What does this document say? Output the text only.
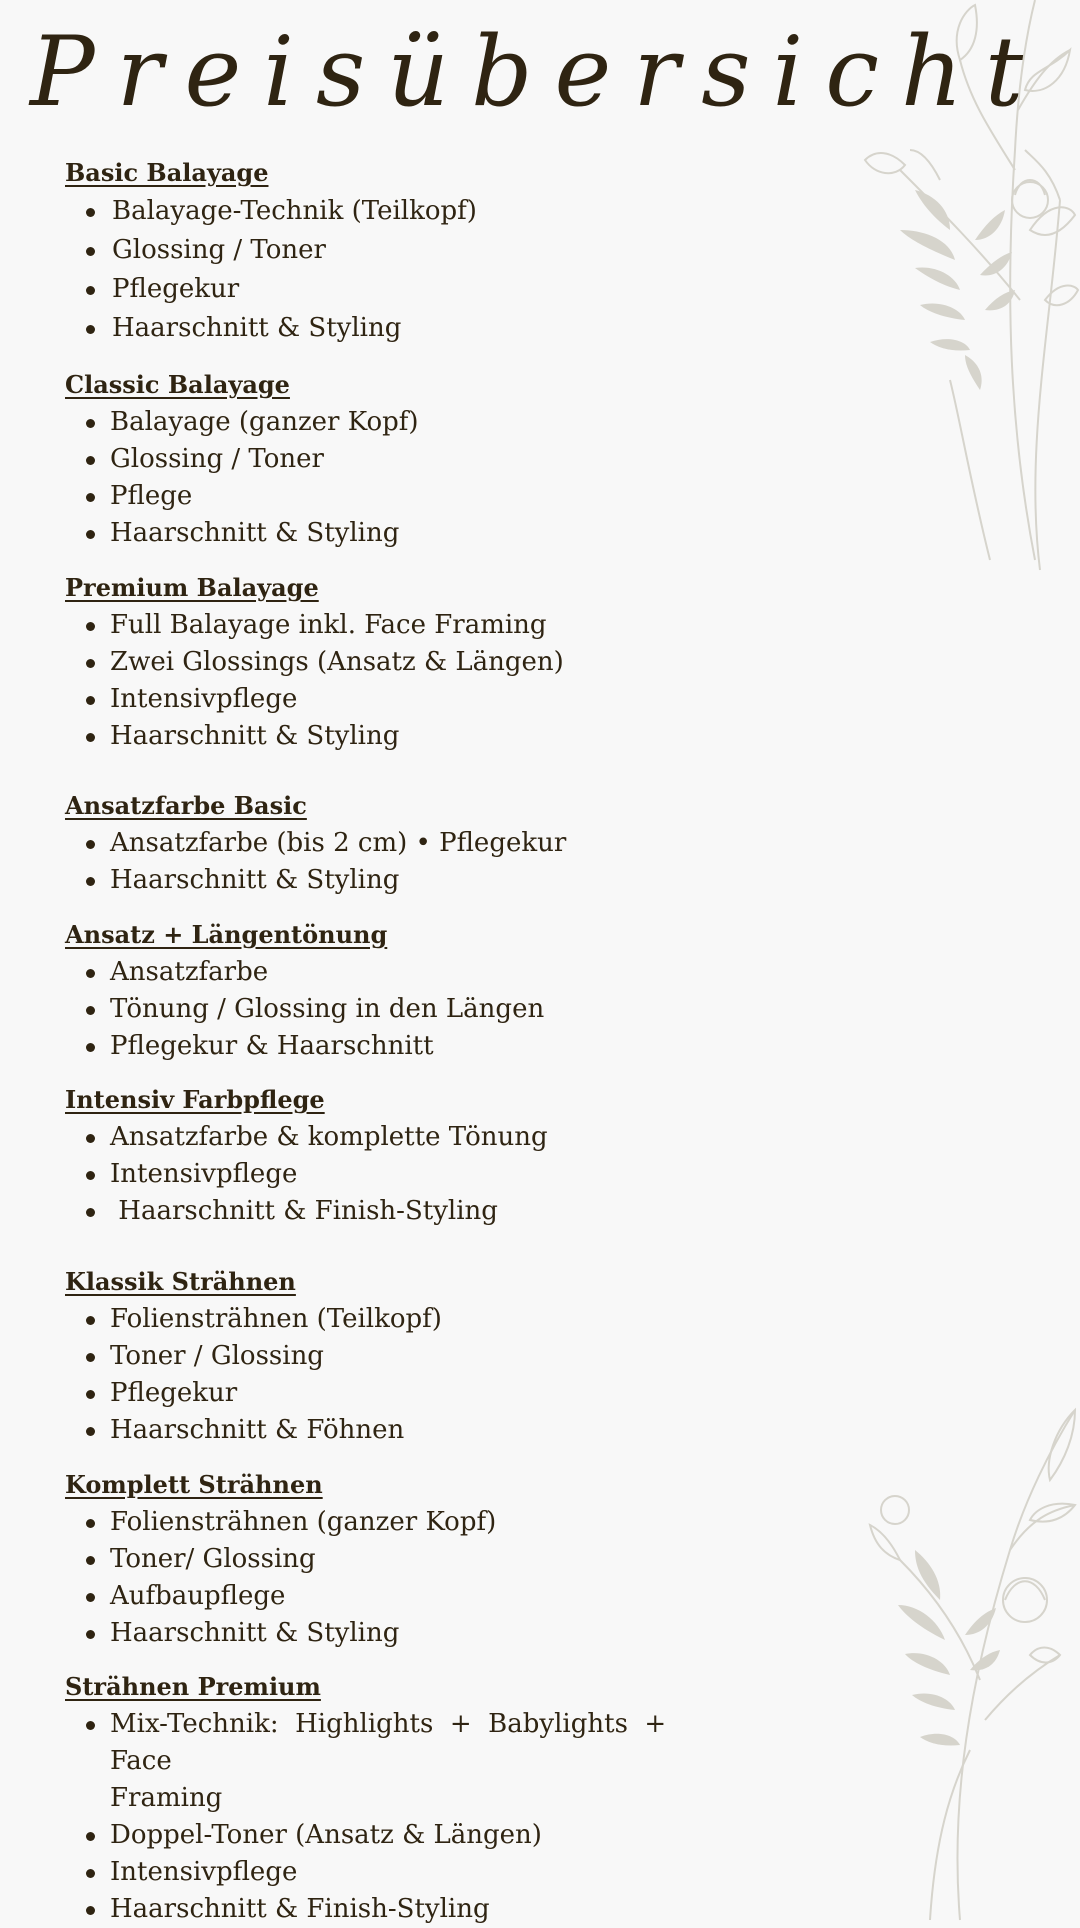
Preisübersicht
Basic Balayage
Balayage-Technik (Teilkopf)
Glossing / Toner
Pflegekur
Haarschnitt & Styling
Classic Balayage
Balayage (ganzer Kopf)
Glossing / Toner
Pflege
Haarschnitt & Styling
Premium Balayage
Full Balayage inkl. Face Framing
Zwei Glossings (Ansatz & Längen)
Intensivpflege
Haarschnitt & Styling
Ansatzfarbe Basic
Ansatzfarbe (bis 2 cm) • Pflegekur
Haarschnitt & Styling
Ansatz + Längentönung
Ansatzfarbe
Tönung / Glossing in den Längen
Pflegekur & Haarschnitt
Intensiv Farbpflege
Ansatzfarbe & komplette Tönung
Intensivpflege
Haarschnitt & Finish-Styling
Klassik Strähnen
Foliensträhnen (Teilkopf)
Toner / Glossing
Pflegekur
Haarschnitt & Föhnen
Komplett Strähnen
Foliensträhnen (ganzer Kopf)
Toner/ Glossing
Aufbaupflege
Haarschnitt & Styling
Strähnen Premium
Mix-Technik:  Highlights  +  Babylights  +  Face
Framing
Doppel-Toner (Ansatz & Längen)
Intensivpflege
Haarschnitt & Finish-Styling
